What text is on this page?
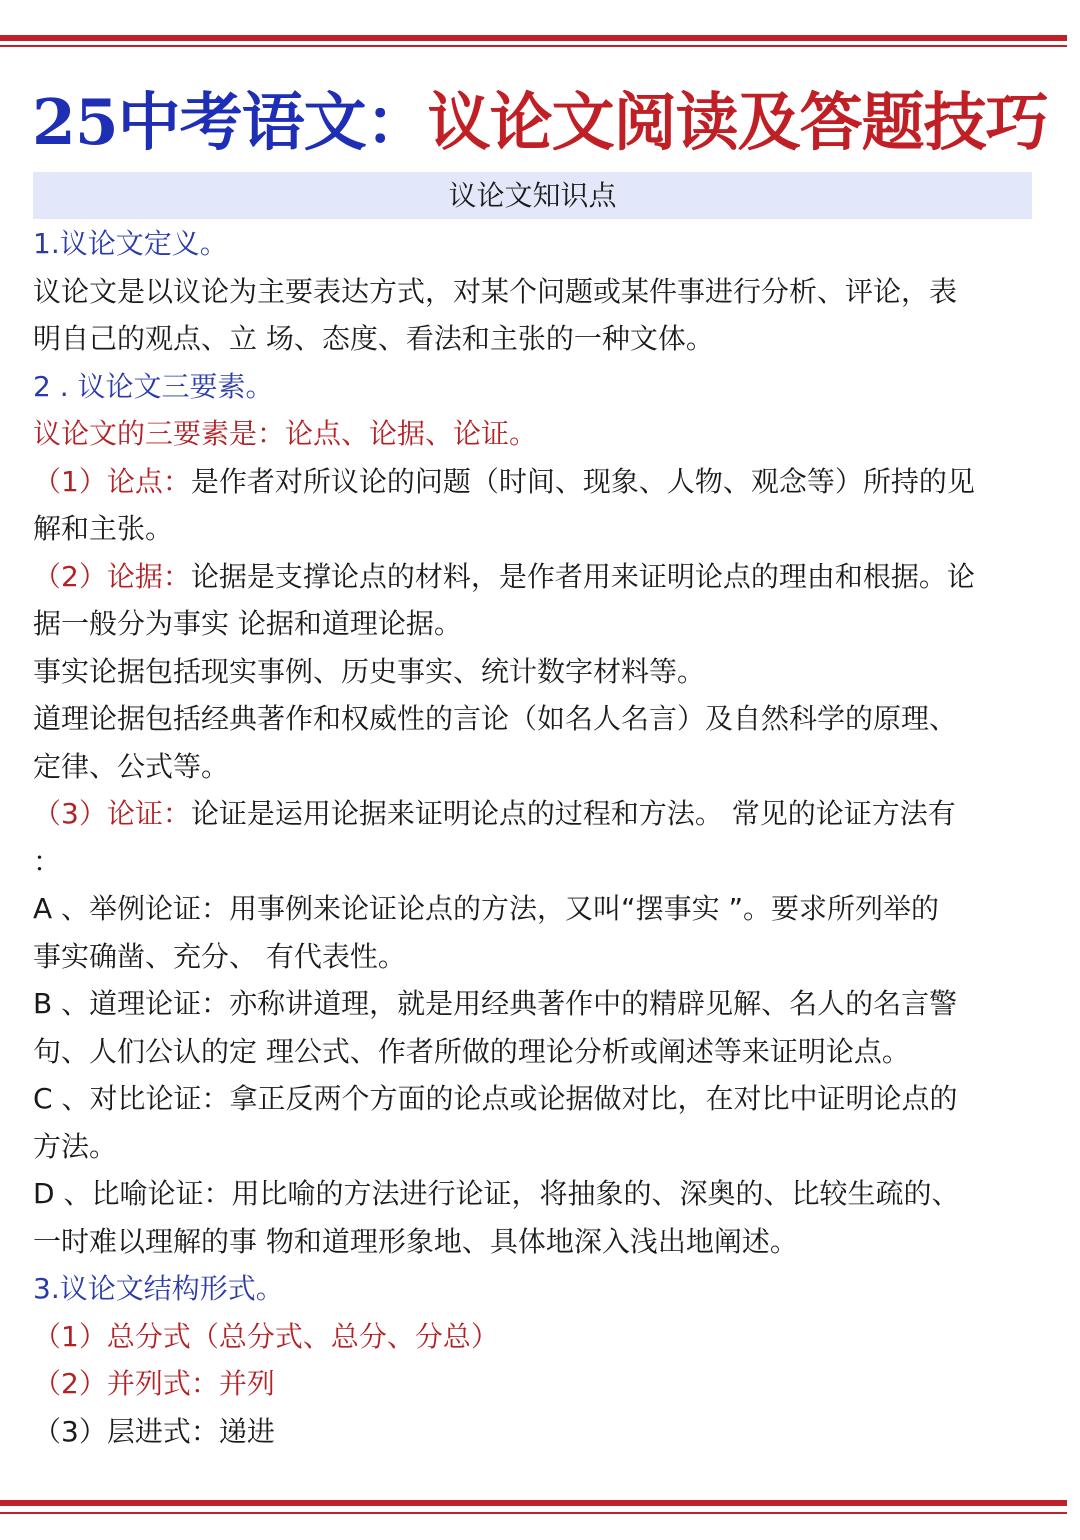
25中考语文：议论文阅读及答题技巧
议论文知识点
1.议论文定义。
议论文是以议论为主要表达方式，对某个问题或某件事进行分析、评论，表
明自己的观点、立 场、态度、看法和主张的一种文体。
2 . 议论文三要素。
议论文的三要素是：论点、论据、论证。
（1）论点：是作者对所议论的问题（时间、现象、人物、观念等）所持的见
解和主张。
（2）论据：论据是支撑论点的材料，是作者用来证明论点的理由和根据。论
据一般分为事实 论据和道理论据。
事实论据包括现实事例、历史事实、统计数字材料等。
道理论据包括经典著作和权威性的言论（如名人名言）及自然科学的原理、
定律、公式等。
（3）论证：论证是运用论据来证明论点的过程和方法。 常见的论证方法有
：
A 、举例论证：用事例来论证论点的方法，又叫“摆事实 ”。要求所列举的
事实确凿、充分、 有代表性。
B 、道理论证：亦称讲道理，就是用经典著作中的精辟见解、名人的名言警
句、人们公认的定 理公式、作者所做的理论分析或阐述等来证明论点。
C 、对比论证：拿正反两个方面的论点或论据做对比，在对比中证明论点的
方法。
D 、比喻论证：用比喻的方法进行论证，将抽象的、深奥的、比较生疏的、
一时难以理解的事 物和道理形象地、具体地深入浅出地阐述。
3.议论文结构形式。
（1）总分式（总分式、总分、分总）
（2）并列式：并列
（3）层进式：递进
